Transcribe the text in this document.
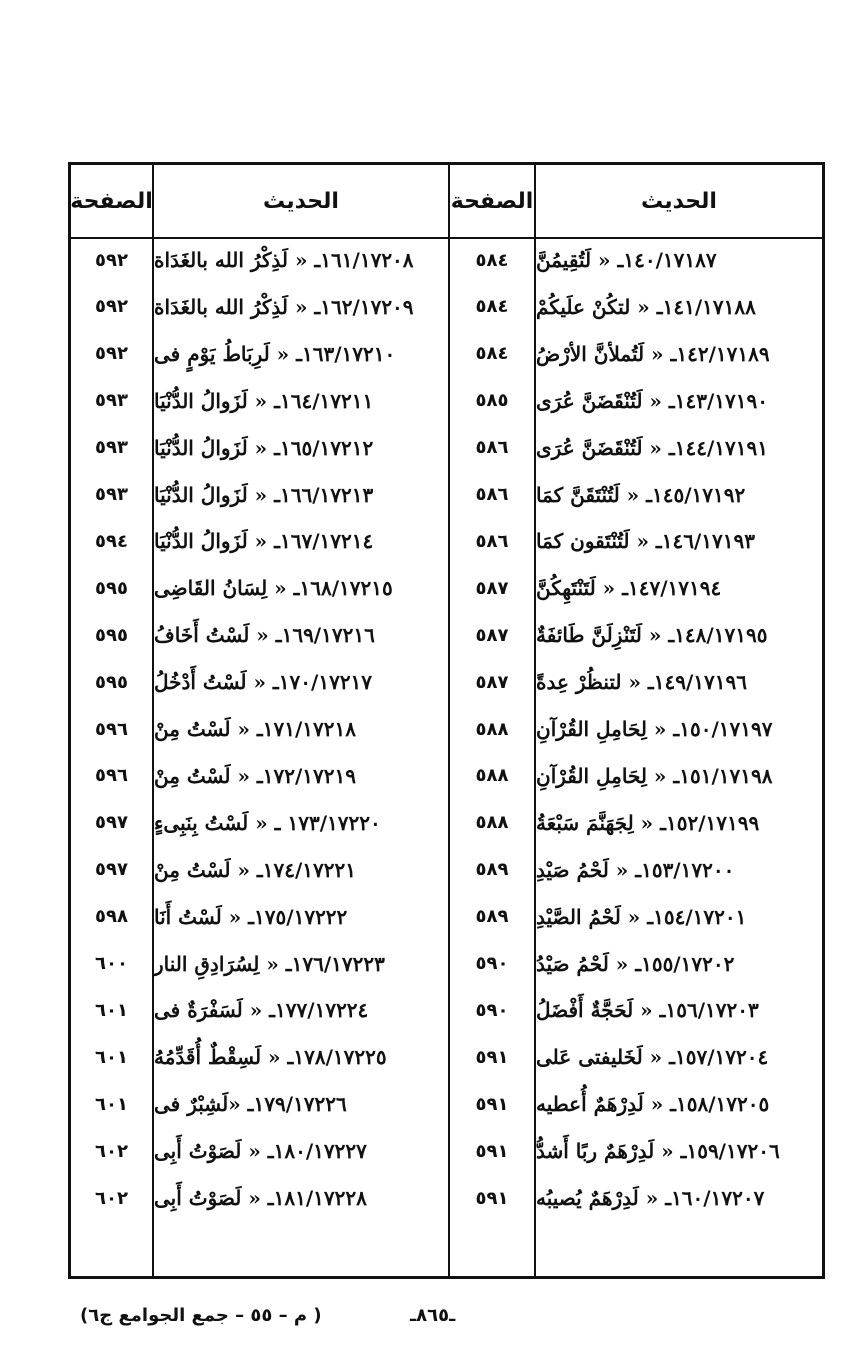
الحديث
الصفحة
الحديث
الصفحة
١٤٠/١٧١٨٧ـ « لَتُقِيمُنَّ
٥٨٤
١٦١/١٧٢٠٨ـ « لَذِكْرُ الله بالغَدَاة
٥٩٢
١٤١/١٧١٨٨ـ « لتكُنْ علَيكُمْ
٥٨٤
١٦٢/١٧٢٠٩ـ « لَذِكْرُ الله بالغَدَاة
٥٩٢
١٤٢/١٧١٨٩ـ « لَتُملأنَّ الأرْضُ
٥٨٤
١٦٣/١٧٢١٠ـ « لَرِبَاطُ يَوْمٍ فى
٥٩٢
١٤٣/١٧١٩٠ـ « لَتُنْقَضَنَّ عُرَى
٥٨٥
١٦٤/١٧٢١١ـ « لَزَوالُ الدُّنْيَا
٥٩٣
١٤٤/١٧١٩١ـ « لَتُنْقَضَنَّ عُرَى
٥٨٦
١٦٥/١٧٢١٢ـ « لَزَوالُ الدُّنْيَا
٥٩٣
١٤٥/١٧١٩٢ـ « لَتُنْتَقَنَّ كمَا
٥٨٦
١٦٦/١٧٢١٣ـ « لَزَوالُ الدُّنْيَا
٥٩٣
١٤٦/١٧١٩٣ـ « لَتُنْتَقون كمَا
٥٨٦
١٦٧/١٧٢١٤ـ « لَزَوالُ الدُّنْيَا
٥٩٤
١٤٧/١٧١٩٤ـ « لَتَنْتَهِكُنَّ
٥٨٧
١٦٨/١٧٢١٥ـ « لِسَانُ القَاضِى
٥٩٥
١٤٨/١٧١٩٥ـ « لَتَنْزِلَنَّ طَائفَةٌ
٥٨٧
١٦٩/١٧٢١٦ـ « لَسْتُ أَخَافُ
٥٩٥
١٤٩/١٧١٩٦ـ « لتنظُرْ عِدةً
٥٨٧
١٧٠/١٧٢١٧ـ « لَسْتُ أَدْخُلُ
٥٩٥
١٥٠/١٧١٩٧ـ « لِحَامِلِ القُرْآنِ
٥٨٨
١٧١/١٧٢١٨ـ « لَسْتُ مِنْ
٥٩٦
١٥١/١٧١٩٨ـ « لِحَامِلِ القُرْآنِ
٥٨٨
١٧٢/١٧٢١٩ـ « لَسْتُ مِنْ
٥٩٦
١٥٢/١٧١٩٩ـ « لِجَهَنَّمَ سَبْعَةُ
٥٨٨
١٧٣/١٧٢٢٠ ـ « لَسْتُ بِنَبِىءٍ
٥٩٧
١٥٣/١٧٢٠٠ـ « لَحْمُ صَيْدِ
٥٨٩
١٧٤/١٧٢٢١ـ « لَسْتُ مِنْ
٥٩٧
١٥٤/١٧٢٠١ـ « لَحْمُ الصَّيْدِ
٥٨٩
١٧٥/١٧٢٢٢ـ « لَسْتُ أَنَا
٥٩٨
١٥٥/١٧٢٠٢ـ « لَحْمُ صَيْدُ
٥٩٠
١٧٦/١٧٢٢٣ـ « لِسُرَادِقِ النار
٦٠٠
١٥٦/١٧٢٠٣ـ « لَحَجَّةٌ أَفْضَلُ
٥٩٠
١٧٧/١٧٢٢٤ـ « لَسَفْرَةٌ فى
٦٠١
١٥٧/١٧٢٠٤ـ « لَخَليفتى عَلى
٥٩١
١٧٨/١٧٢٢٥ـ « لَسِقْطٌ أُقَدِّمُهُ
٦٠١
١٥٨/١٧٢٠٥ـ « لَدِرْهَمٌ أُعطيه
٥٩١
١٧٩/١٧٢٢٦ـ «لَشِبْرٌ فى
٦٠١
١٥٩/١٧٢٠٦ـ « لَدِرْهَمٌ ربًا أَشدُّ
٥٩١
١٨٠/١٧٢٢٧ـ « لَصَوْتُ أَبِى
٦٠٢
١٦٠/١٧٢٠٧ـ « لَدِرْهَمٌ يُصيبُه
٥٩١
١٨١/١٧٢٢٨ـ « لَصَوْتُ أَبِى
٦٠٢
( م – ٥٥ – جمع الجوامع ج٦)	ـ٨٦٥ـ
